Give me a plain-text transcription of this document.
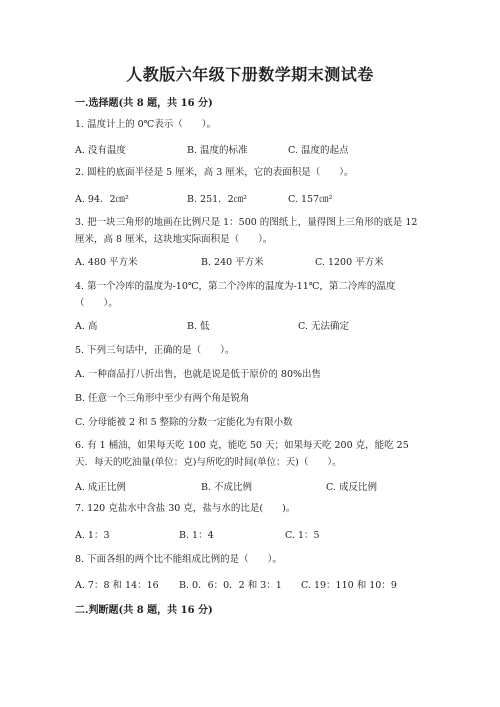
人教版六年级下册数学期末测试卷
一.选择题(共 8 题，共 16 分)
1. 温度计上的 0℃表示（　　）。
A. 没有温度	B. 温度的标准	C. 温度的起点
2. 圆柱的底面半径是 5 厘米，高 3 厘米，它的表面积是（　　）。
A. 94．2㎝²	B. 251．2㎝²	C. 157㎝²
3. 把一块三角形的地画在比例尺是 1：500 的图纸上，量得图上三角形的底是 12 厘米，高 8 厘米，这块地实际面积是（　　）。
A. 480 平方米	B. 240 平方米	C. 1200 平方米
4. 第一个冷库的温度为-10℃，第二个冷库的温度为-11℃，第二冷库的温度（　　）。
A. 高	B. 低	C. 无法确定
5. 下列三句话中，正确的是（　　）。
A. 一种商品打八折出售，也就是说是低于原价的 80%出售
B. 任意一个三角形中至少有两个角是锐角
C. 分母能被 2 和 5 整除的分数一定能化为有限小数
6. 有 1 桶油，如果每天吃 100 克，能吃 50 天；如果每天吃 200 克，能吃 25 天．每天的吃油量(单位：克)与所吃的时间(单位：天)（　　）。
A. 成正比例	B. 不成比例	C. 成反比例
7. 120 克盐水中含盐 30 克，盐与水的比是(　　)。
A. 1：3	B. 1：4	C. 1：5
8. 下面各组的两个比不能组成比例的是（　　）。
A. 7：8 和 14：16 B. 0．6：0．2 和 3：1 C. 19：110 和 10：9
二.判断题(共 8 题，共 16 分)
